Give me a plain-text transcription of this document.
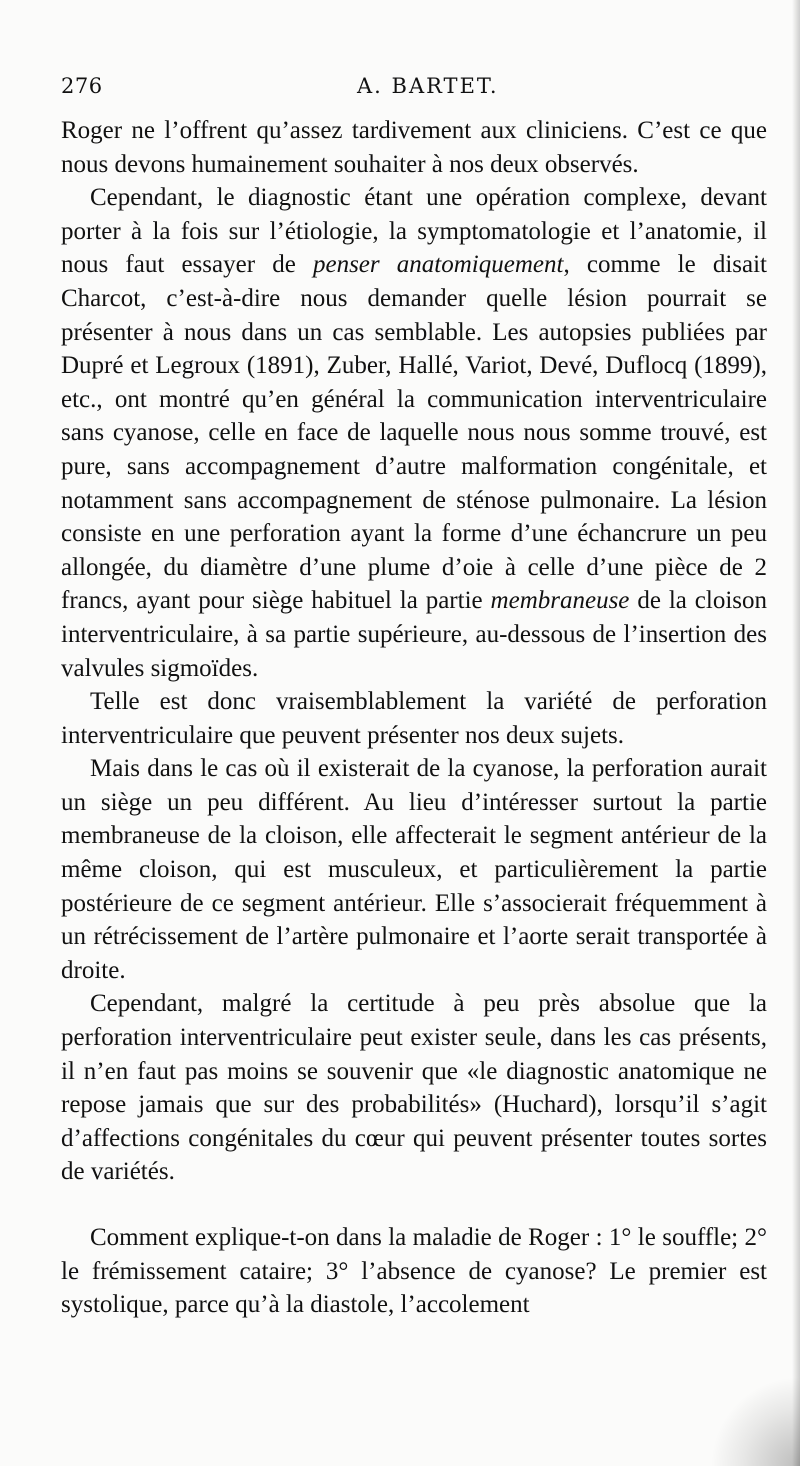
276	A. BARTET.

Roger ne l’offrent qu’assez tardivement aux cliniciens. C’est ce que nous devons humainement souhaiter à nos deux observés.

Cependant, le diagnostic étant une opération complexe, devant porter à la fois sur l’étiologie, la symptomatologie et l’anatomie, il nous faut essayer de penser anatomiquement, comme le disait Charcot, c’est-à-dire nous demander quelle lésion pourrait se présenter à nous dans un cas semblable. Les autopsies publiées par Dupré et Legroux (1891), Zuber, Hallé, Variot, Devé, Duflocq (1899), etc., ont montré qu’en général la communication interventriculaire sans cyanose, celle en face de laquelle nous nous somme trouvé, est pure, sans accompagnement d’autre malformation congénitale, et notamment sans accompagnement de sténose pulmonaire. La lésion consiste en une perforation ayant la forme d’une échancrure un peu allongée, du diamètre d’une plume d’oie à celle d’une pièce de 2 francs, ayant pour siège habituel la partie membraneuse de la cloison interventriculaire, à sa partie supérieure, au-dessous de l’insertion des valvules sigmoïdes.

Telle est donc vraisemblablement la variété de perforation interventriculaire que peuvent présenter nos deux sujets.

Mais dans le cas où il existerait de la cyanose, la perforation aurait un siège un peu différent. Au lieu d’intéresser surtout la partie membraneuse de la cloison, elle affecterait le segment antérieur de la même cloison, qui est musculeux, et particulièrement la partie postérieure de ce segment antérieur. Elle s’associerait fréquemment à un rétrécissement de l’artère pulmonaire et l’aorte serait transportée à droite.

Cependant, malgré la certitude à peu près absolue que la perforation interventriculaire peut exister seule, dans les cas présents, il n’en faut pas moins se souvenir que «le diagnostic anatomique ne repose jamais que sur des probabilités» (Huchard), lorsqu’il s’agit d’affections congénitales du cœur qui peuvent présenter toutes sortes de variétés.

Comment explique-t-on dans la maladie de Roger : 1° le souffle; 2° le frémissement cataire; 3° l’absence de cyanose? Le premier est systolique, parce qu’à la diastole, l’accolement
